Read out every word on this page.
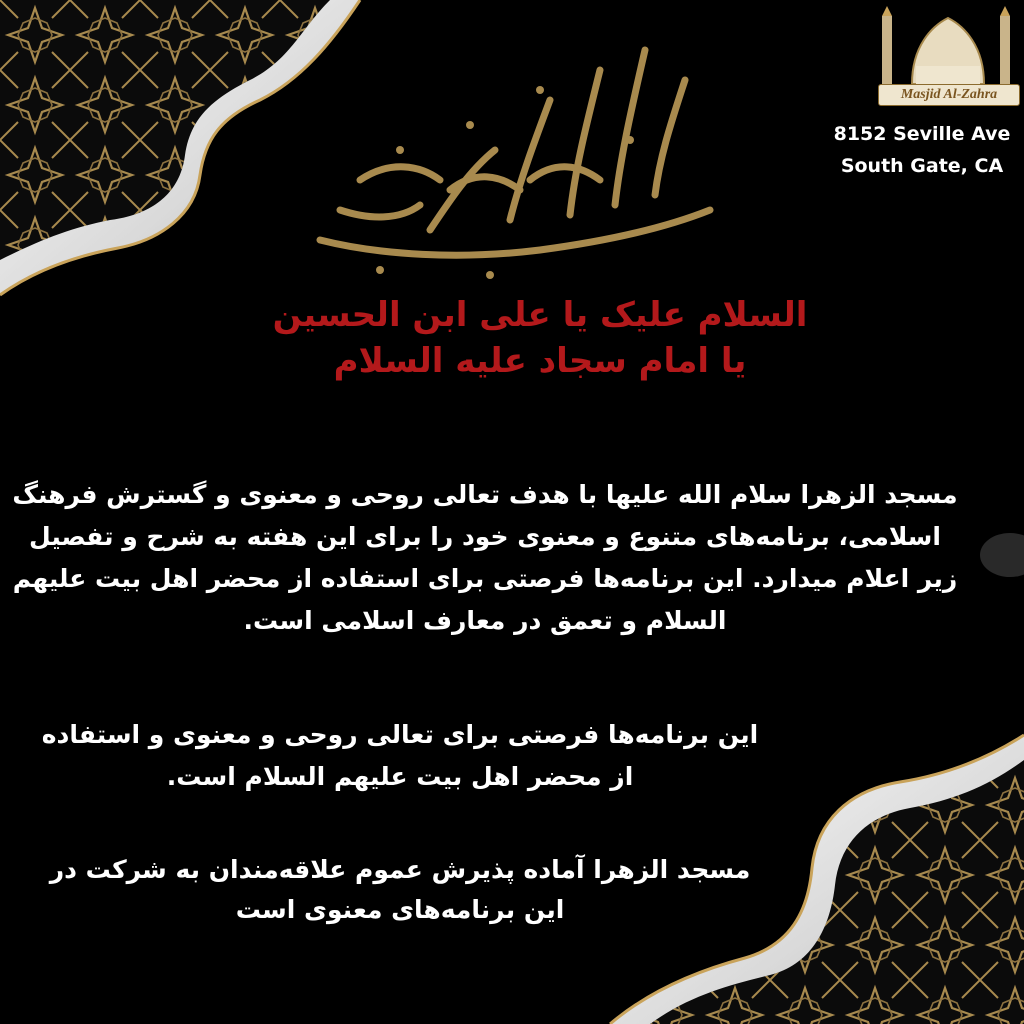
Masjid Al-Zahra
8152 Seville Ave
South Gate, CA
السلام علیک یا علی ابن الحسین
یا امام سجاد علیه السلام
مسجد الزهرا سلام الله علیها با هدف تعالی روحی و معنوی و گسترش فرهنگ اسلامی، برنامه‌های متنوع و معنوی خود را برای این هفته به شرح و تفصیل زیر اعلام میدارد. این برنامه‌ها فرصتی برای استفاده از محضر اهل بیت علیهم السلام و تعمق در معارف اسلامی است.
این برنامه‌ها فرصتی برای تعالی روحی و معنوی و استفاده از محضر اهل بیت علیهم السلام است.
مسجد الزهرا آماده پذیرش عموم علاقه‌مندان به شرکت در این برنامه‌های معنوی است
